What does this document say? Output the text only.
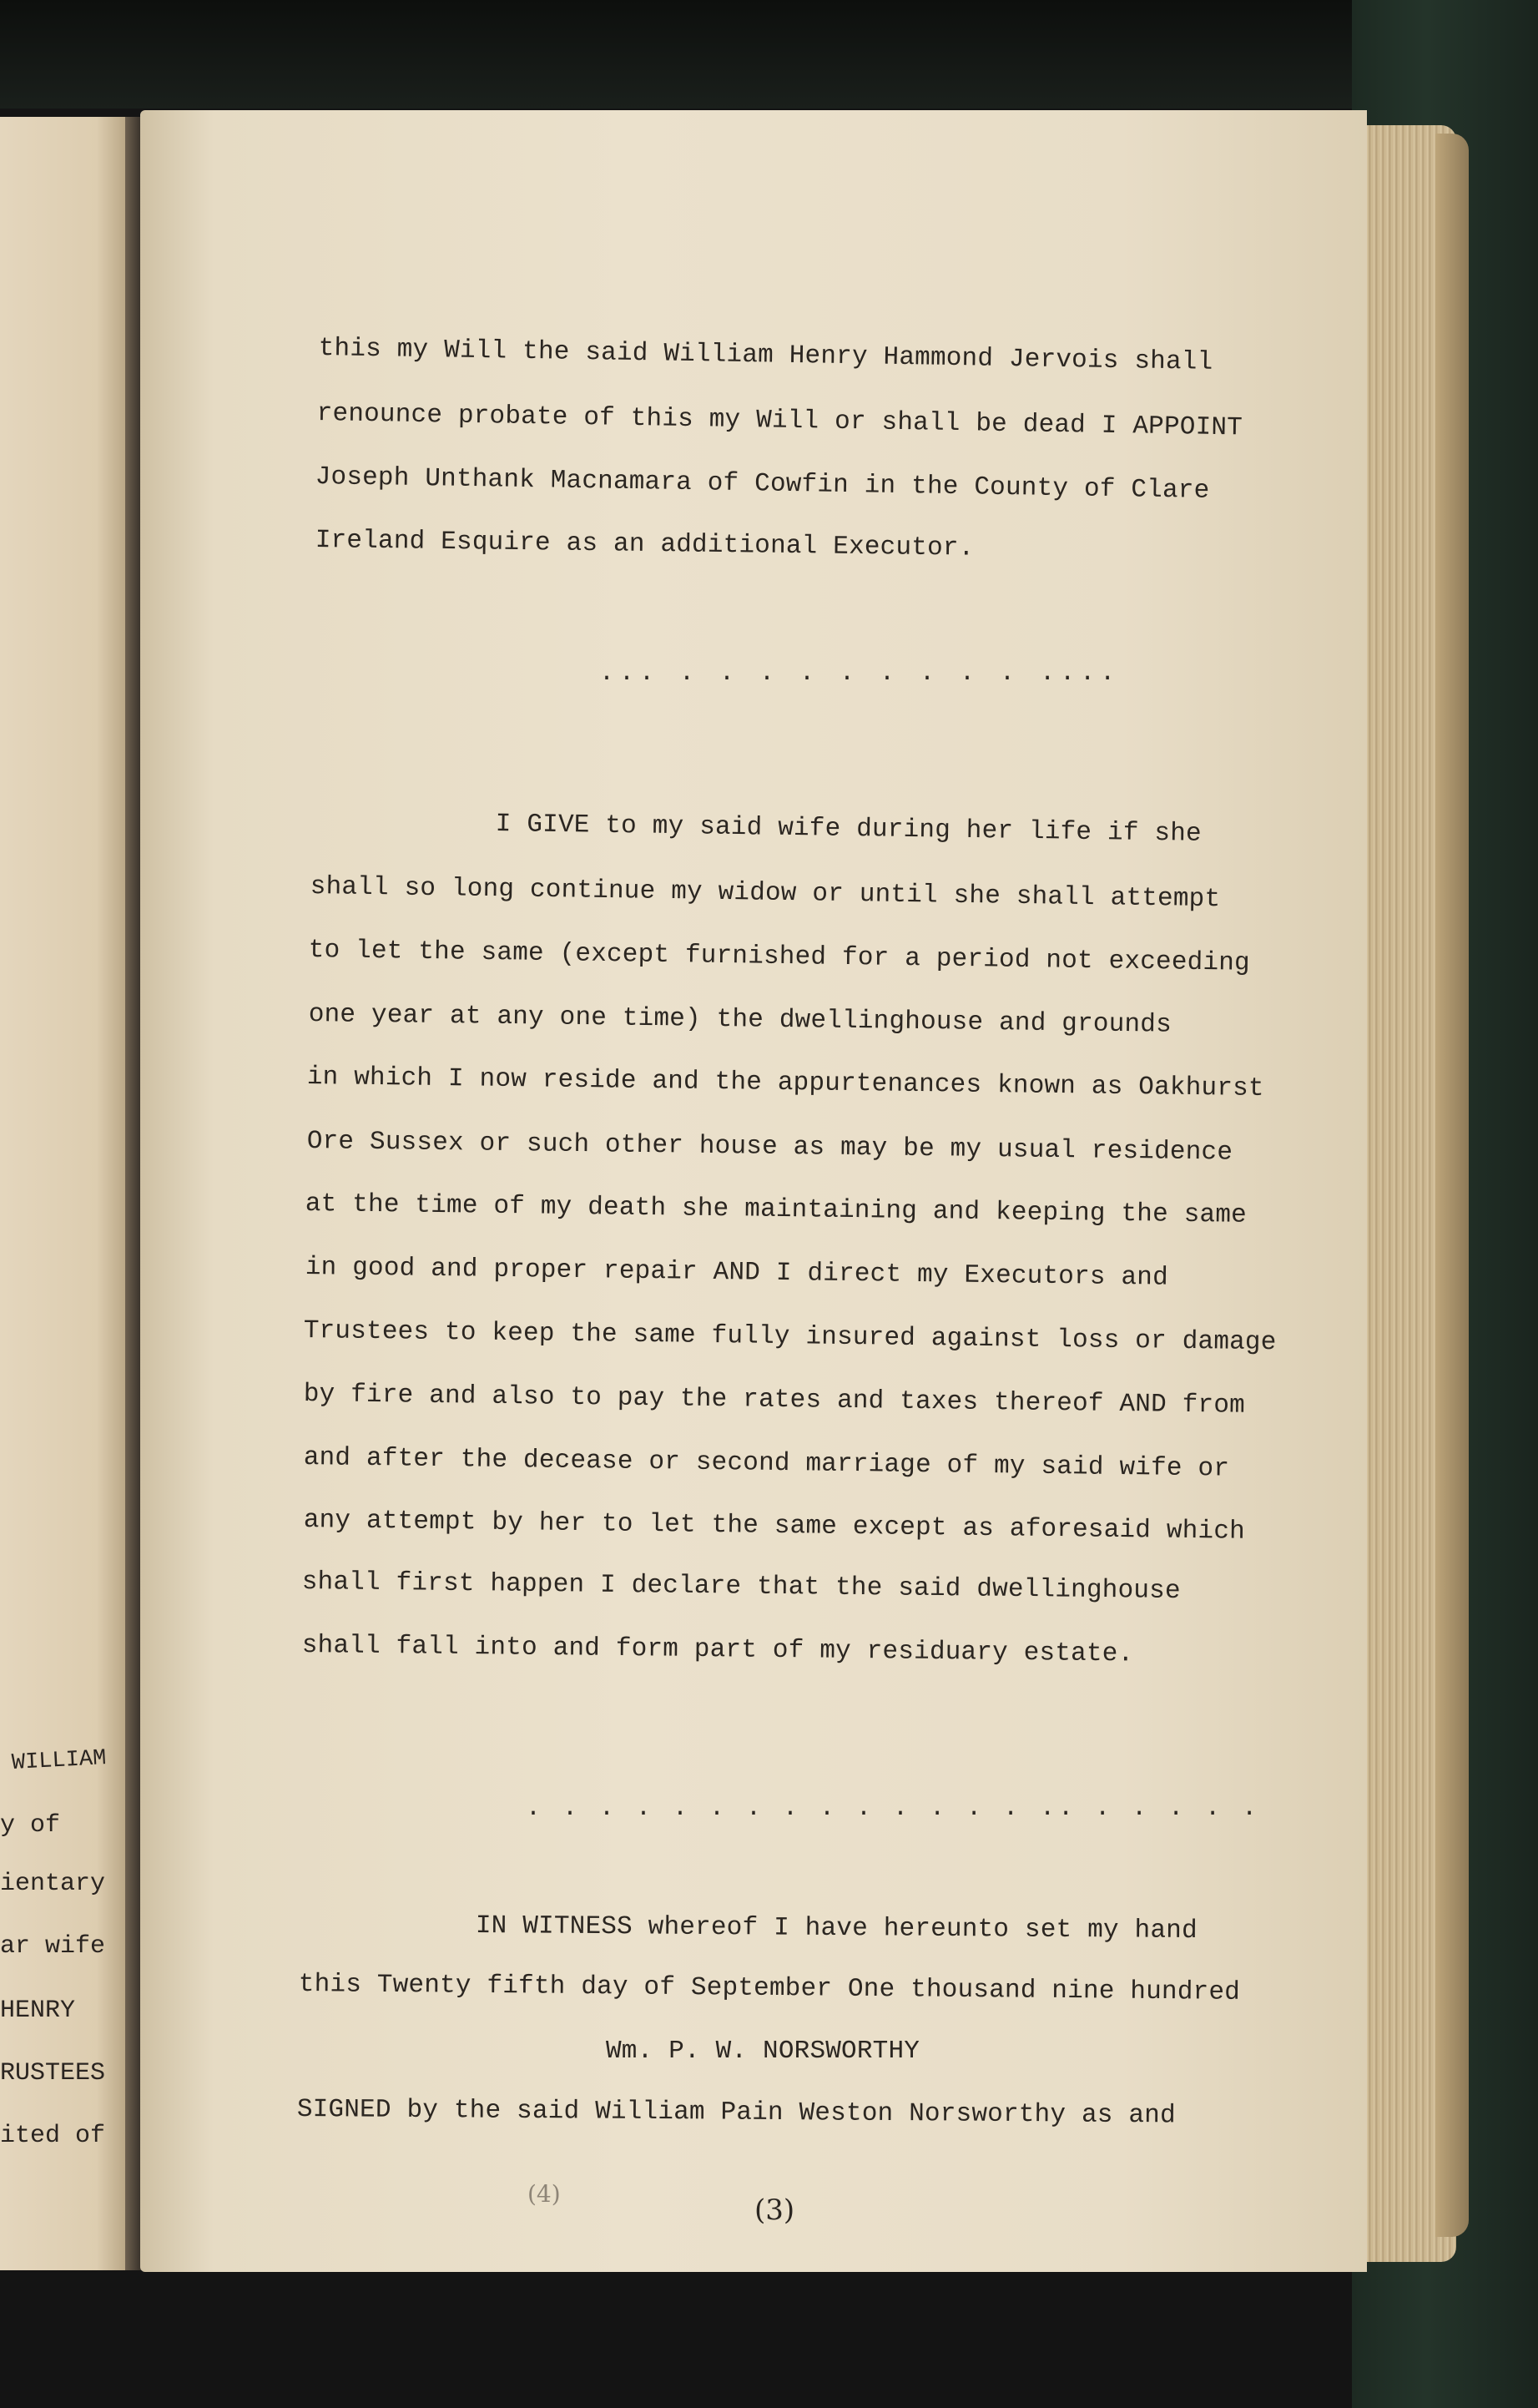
WILLIAM
y of
ientary
ar wife
HENRY
RUSTEES
ited of
this my Will the said William Henry Hammond Jervois shall
renounce probate of this my Will or shall be dead I APPOINT
Joseph Unthank Macnamara of Cowfin in the County of Clare
Ireland Esquire as an additional Executor.
... . . . . . . . . . ....
I GIVE to my said wife during her life if she
shall so long continue my widow or until she shall attempt
to let the same (except furnished for a period not exceeding
one year at any one time) the dwellinghouse and grounds
in which I now reside and the appurtenances known as Oakhurst
Ore Sussex or such other house as may be my usual residence
at the time of my death she maintaining and keeping the same
in good and proper repair AND I direct my Executors and
Trustees to keep the same fully insured against loss or damage
by fire and also to pay the rates and taxes thereof AND from
and after the decease or second marriage of my said wife or
any attempt by her to let the same except as aforesaid which
shall first happen I declare that the said dwellinghouse
shall fall into and form part of my residuary estate.
. . . . . . . . . . . . . . .. . . . . .
IN WITNESS whereof I have hereunto set my hand
this Twenty fifth day of September One thousand nine hundred
Wm. P. W. NORSWORTHY
SIGNED by the said William Pain Weston Norsworthy as and
(4)	(3)
